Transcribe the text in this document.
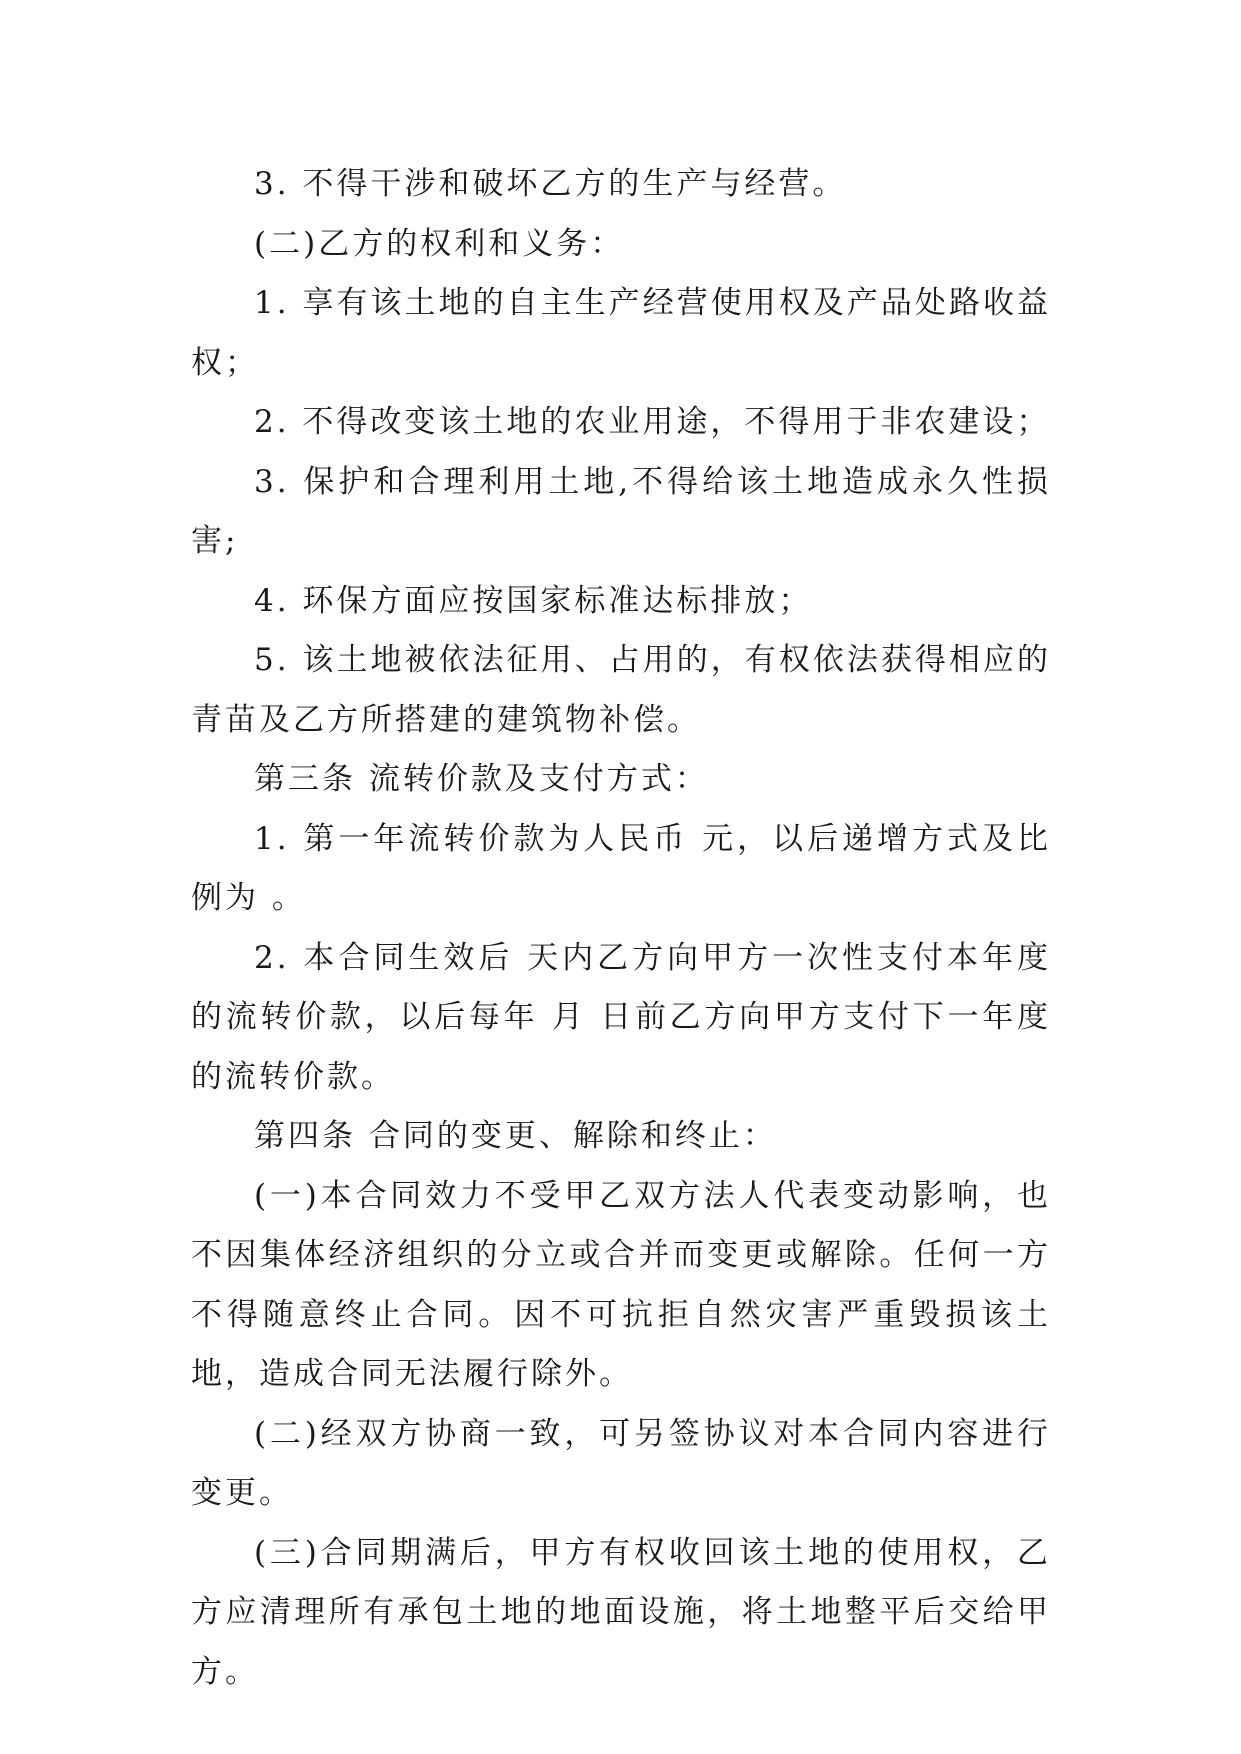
3. 不得干涉和破坏乙方的生产与经营。

(二)乙方的权利和义务：

1. 享有该土地的自主生产经营使用权及产品处路收益权；

2. 不得改变该土地的农业用途，不得用于非农建设；

3. 保护和合理利用土地,不得给该土地造成永久性损害;

4. 环保方面应按国家标准达标排放；

5. 该土地被依法征用、占用的，有权依法获得相应的青苗及乙方所搭建的建筑物补偿。

第三条 流转价款及支付方式：

1. 第一年流转价款为人民币 元，以后递增方式及比例为 。

2. 本合同生效后 天内乙方向甲方一次性支付本年度的流转价款，以后每年 月 日前乙方向甲方支付下一年度的流转价款。

第四条 合同的变更、解除和终止：

(一)本合同效力不受甲乙双方法人代表变动影响，也不因集体经济组织的分立或合并而变更或解除。任何一方不得随意终止合同。因不可抗拒自然灾害严重毁损该土地，造成合同无法履行除外。

(二)经双方协商一致，可另签协议对本合同内容进行变更。

(三)合同期满后，甲方有权收回该土地的使用权，乙方应清理所有承包土地的地面设施，将土地整平后交给甲方。
